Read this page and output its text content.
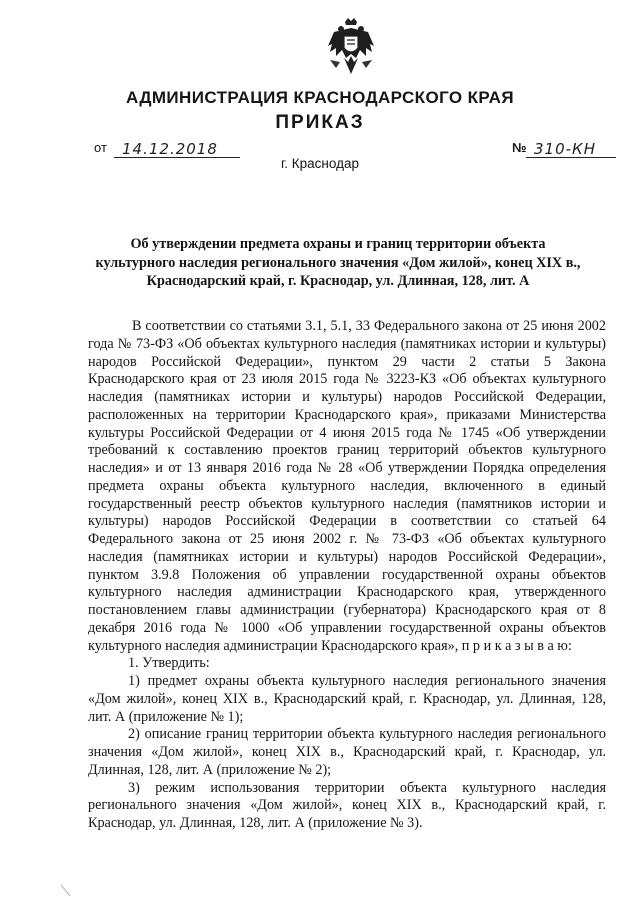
АДМИНИСТРАЦИЯ КРАСНОДАРСКОГО КРАЯ
ПРИКАЗ
от 14.12.2018	№ 310-КН
г. Краснодар
Об утверждении предмета охраны и границ территории объекта
культурного наследия регионального значения «Дом жилой», конец XIX в.,
Краснодарский край, г. Краснодар, ул. Длинная, 128, лит. А

В соответствии со статьями 3.1, 5.1, 33 Федерального закона от 25 июня 2002 года № 73-ФЗ «Об объектах культурного наследия (памятниках истории и культуры) народов Российской Федерации», пунктом 29 части 2 статьи 5 Закона Краснодарского края от 23 июля 2015 года № 3223-КЗ «Об объектах культурного наследия (памятниках истории и культуры) народов Российской Федерации, расположенных на территории Краснодарского края», приказами Министерства культуры Российской Федерации от 4 июня 2015 года № 1745 «Об утверждении требований к составлению проектов границ территорий объектов культурного наследия» и от 13 января 2016 года № 28 «Об утверждении Порядка определения предмета охраны объекта культурного наследия, включенного в единый государственный реестр объектов культурного наследия (памятников истории и культуры) народов Российской Федерации в соответствии со статьей 64 Федерального закона от 25 июня 2002 г. № 73-ФЗ «Об объектах культурного наследия (памятниках истории и культуры) народов Российской Федерации», пунктом 3.9.8 Положения об управлении государственной охраны объектов культурного наследия администрации Краснодарского края, утвержденного постановлением главы администрации (губернатора) Краснодарского края от 8 декабря 2016 года № 1000 «Об управлении государственной охраны объектов культурного наследия администрации Краснодарского края», п р и к а з ы в а ю:

1. Утвердить:

1) предмет охраны объекта культурного наследия регионального значения «Дом жилой», конец XIX в., Краснодарский край, г. Краснодар, ул. Длинная, 128, лит. А (приложение № 1);

2) описание границ территории объекта культурного наследия регионального значения «Дом жилой», конец XIX в., Краснодарский край, г. Краснодар, ул. Длинная, 128, лит. А (приложение № 2);

3) режим использования территории объекта культурного наследия регионального значения «Дом жилой», конец XIX в., Краснодарский край, г. Краснодар, ул. Длинная, 128, лит. А (приложение № 3).
